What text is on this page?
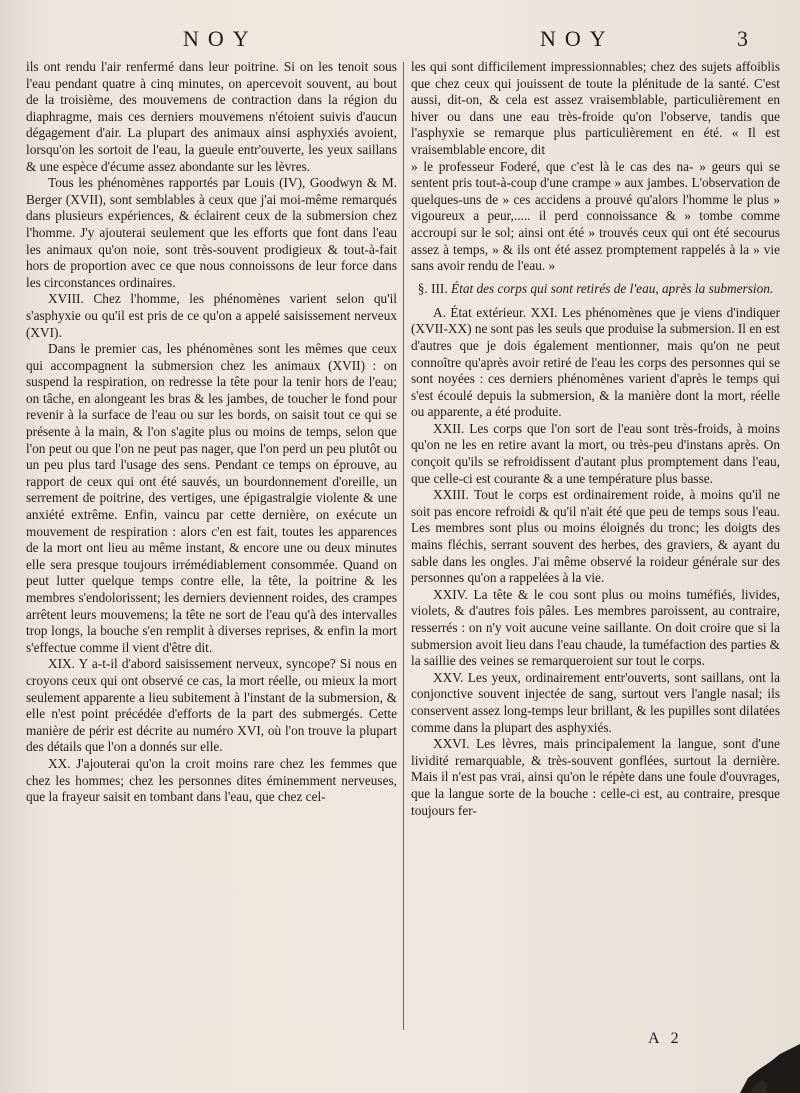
NOY	NOY	3

ils ont rendu l'air renfermé dans leur poitrine. Si on les tenoit sous l'eau pendant quatre à cinq minutes, on apercevoit souvent, au bout de la troisième, des mouvemens de contraction dans la région du diaphragme, mais ces derniers mouvemens n'étoient suivis d'aucun dégagement d'air. La plupart des animaux ainsi asphyxiés avoient, lorsqu'on les sortoit de l'eau, la gueule entr'ouverte, les yeux saillans & une espèce d'écume assez abondante sur les lèvres.

Tous les phénomènes rapportés par Louis (IV), Goodwyn & M. Berger (XVII), sont semblables à ceux que j'ai moi-même remarqués dans plusieurs expériences, & éclairent ceux de la submersion chez l'homme. J'y ajouterai seulement que les efforts que font dans l'eau les animaux qu'on noie, sont très-souvent prodigieux & tout-à-fait hors de proportion avec ce que nous connoissons de leur force dans les circonstances ordinaires.

XVIII. Chez l'homme, les phénomènes varient selon qu'il s'asphyxie ou qu'il est pris de ce qu'on a appelé saisissement nerveux (XVI).

Dans le premier cas, les phénomènes sont les mêmes que ceux qui accompagnent la submersion chez les animaux (XVII) : on suspend la respiration, on redresse la tête pour la tenir hors de l'eau; on tâche, en alongeant les bras & les jambes, de toucher le fond pour revenir à la surface de l'eau ou sur les bords, on saisit tout ce qui se présente à la main, & l'on s'agite plus ou moins de temps, selon que l'on peut ou que l'on ne peut pas nager, que l'on perd un peu plutôt ou un peu plus tard l'usage des sens. Pendant ce temps on éprouve, au rapport de ceux qui ont été sauvés, un bourdonnement d'oreille, un serrement de poitrine, des vertiges, une épigastralgie violente & une anxiété extrême. Enfin, vaincu par cette dernière, on exécute un mouvement de respiration : alors c'en est fait, toutes les apparences de la mort ont lieu au même instant, & encore une ou deux minutes elle sera presque toujours irrémédiablement consommée. Quand on peut lutter quelque temps contre elle, la tête, la poitrine & les membres s'endolorissent; les derniers deviennent roides, des crampes arrêtent leurs mouvemens; la tête ne sort de l'eau qu'à des intervalles trop longs, la bouche s'en remplit à diverses reprises, & enfin la mort s'effectue comme il vient d'être dit.

XIX. Y a-t-il d'abord saisissement nerveux, syncope? Si nous en croyons ceux qui ont observé ce cas, la mort réelle, ou mieux la mort seulement apparente a lieu subitement à l'instant de la submersion, & elle n'est point précédée d'efforts de la part des submergés. Cette manière de périr est décrite au numéro XVI, où l'on trouve la plupart des détails que l'on a donnés sur elle.

XX. J'ajouterai qu'on la croit moins rare chez les femmes que chez les hommes; chez les personnes dites éminemment nerveuses, que la frayeur saisit en tombant dans l'eau, que chez cel-

les qui sont difficilement impressionnables; chez des sujets affoiblis que chez ceux qui jouissent de toute la plénitude de la santé. C'est aussi, dit-on, & cela est assez vraisemblable, particulièrement en hiver ou dans une eau très-froide qu'on l'observe, tandis que l'asphyxie se remarque plus particulièrement en été. « Il est vraisemblable encore, dit

» le professeur Foderé, que c'est là le cas des na- » geurs qui se sentent pris tout-à-coup d'une crampe » aux jambes. L'observation de quelques-uns de » ces accidens a prouvé qu'alors l'homme le plus » vigoureux a peur,..... il perd connoissance & » tombe comme accroupi sur le sol; ainsi ont été » trouvés ceux qui ont été secourus assez à temps, » & ils ont été assez promptement rappelés à la » vie sans avoir rendu de l'eau. »

§. III. État des corps qui sont retirés de l'eau, après la submersion.

A. État extérieur. XXI. Les phénomènes que je viens d'indiquer (XVII-XX) ne sont pas les seuls que produise la submersion. Il en est d'autres que je dois également mentionner, mais qu'on ne peut connoître qu'après avoir retiré de l'eau les corps des personnes qui se sont noyées : ces derniers phénomènes varient d'après le temps qui s'est écoulé depuis la submersion, & la manière dont la mort, réelle ou apparente, a été produite.

XXII. Les corps que l'on sort de l'eau sont très-froids, à moins qu'on ne les en retire avant la mort, ou très-peu d'instans après. On conçoit qu'ils se refroidissent d'autant plus promptement dans l'eau, que celle-ci est courante & a une température plus basse.

XXIII. Tout le corps est ordinairement roide, à moins qu'il ne soit pas encore refroidi & qu'il n'ait été que peu de temps sous l'eau. Les membres sont plus ou moins éloignés du tronc; les doigts des mains fléchis, serrant souvent des herbes, des graviers, & ayant du sable dans les ongles. J'ai même observé la roideur générale sur des personnes qu'on a rappelées à la vie.

XXIV. La tête & le cou sont plus ou moins tuméfiés, livides, violets, & d'autres fois pâles. Les membres paroissent, au contraire, resserrés : on n'y voit aucune veine saillante. On doit croire que si la submersion avoit lieu dans l'eau chaude, la tuméfaction des parties & la saillie des veines se remarqueroient sur tout le corps.

XXV. Les yeux, ordinairement entr'ouverts, sont saillans, ont la conjonctive souvent injectée de sang, surtout vers l'angle nasal; ils conservent assez long-temps leur brillant, & les pupilles sont dilatées comme dans la plupart des asphyxiés.

XXVI. Les lèvres, mais principalement la langue, sont d'une lividité remarquable, & très-souvent gonflées, surtout la dernière. Mais il n'est pas vrai, ainsi qu'on le répète dans une foule d'ouvrages, que la langue sorte de la bouche : celle-ci est, au contraire, presque toujours fer-

A 2
